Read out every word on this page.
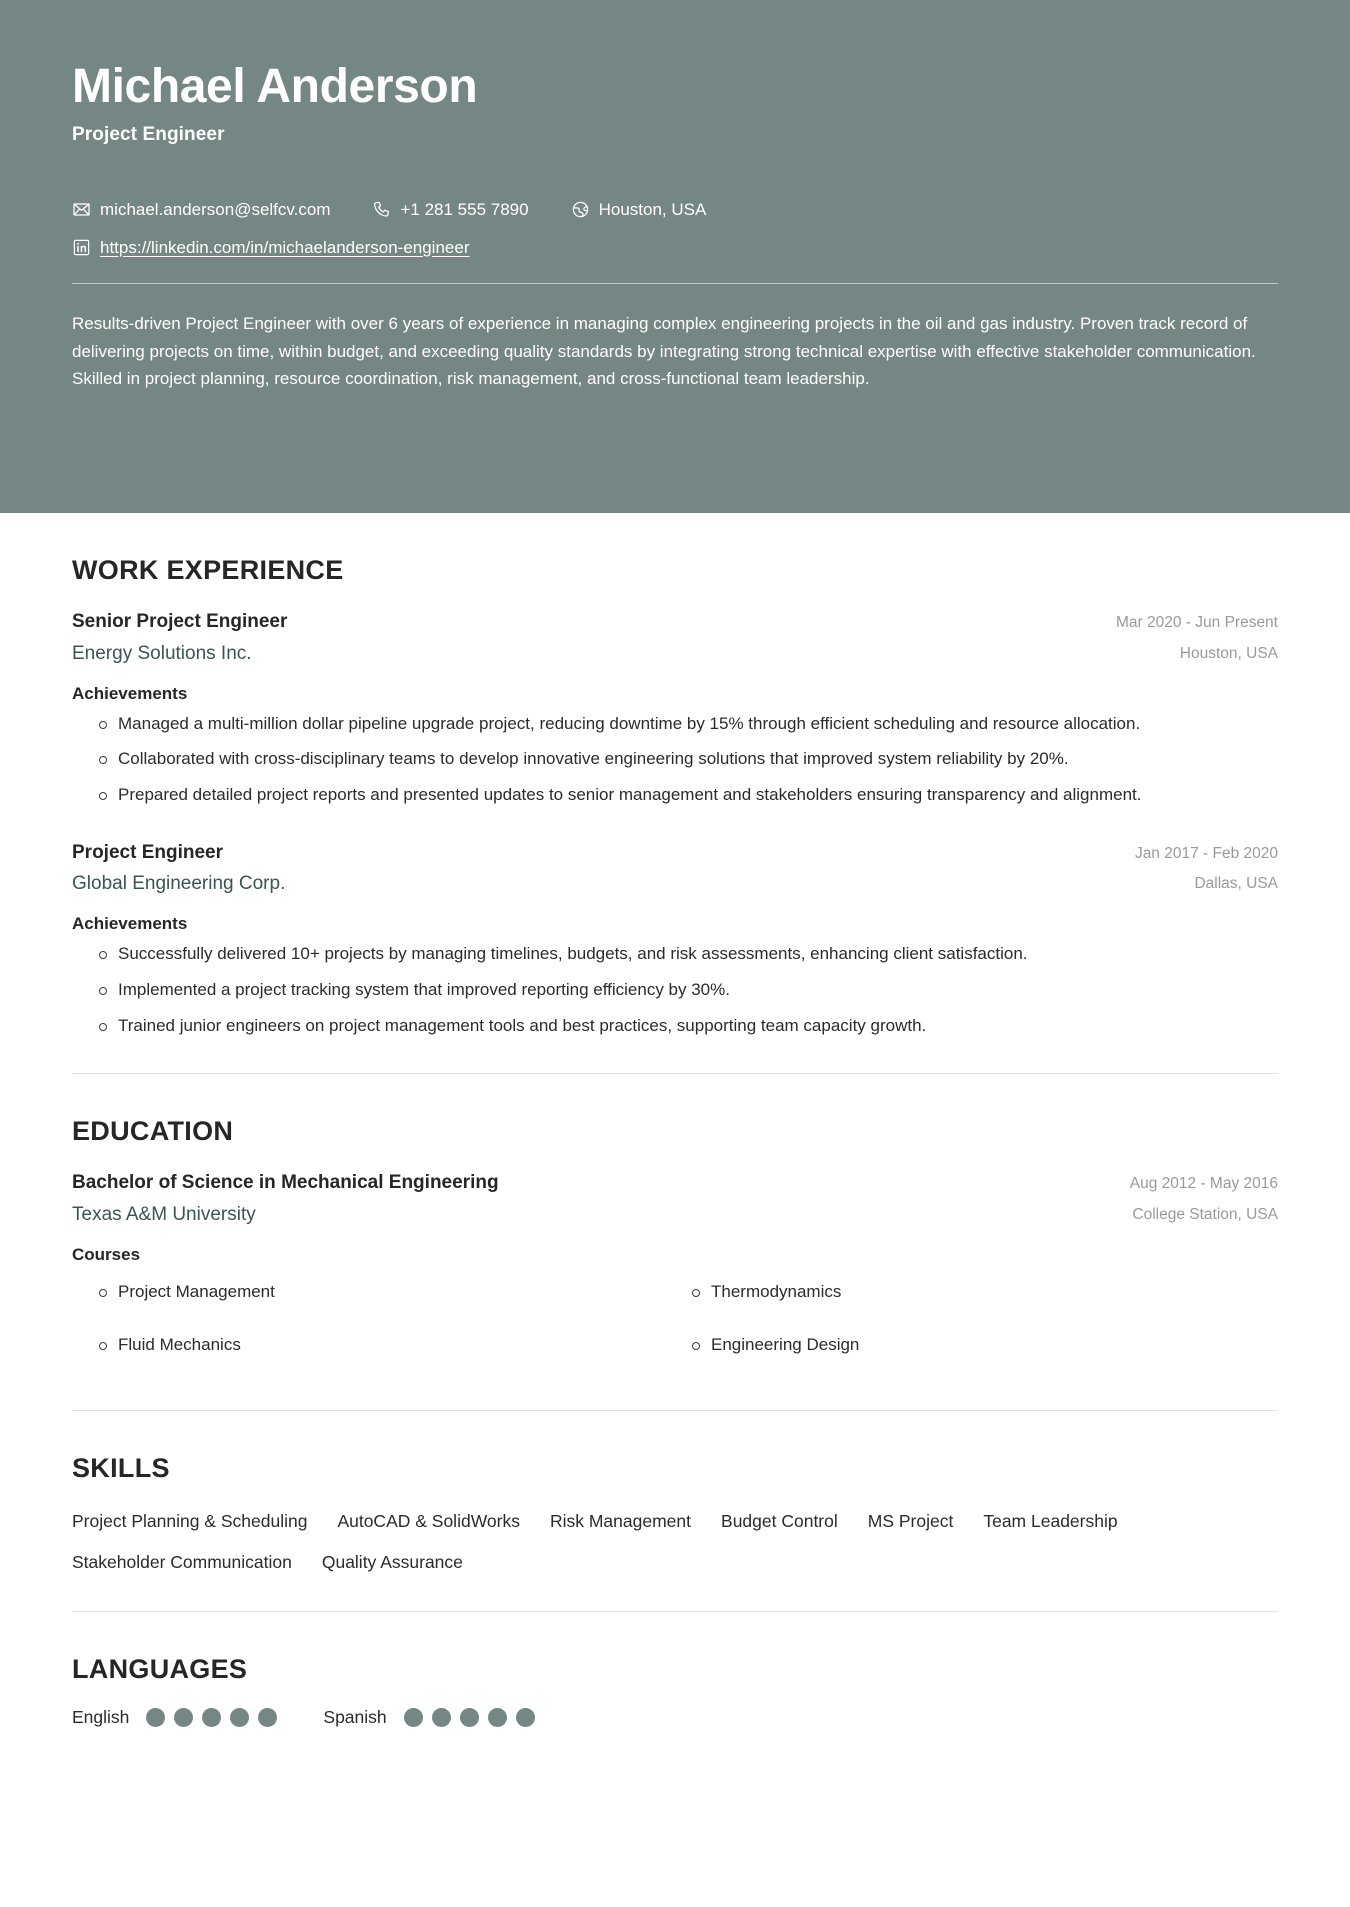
Michael Anderson
Project Engineer
michael.anderson@selfcv.com	+1 281 555 7890	Houston, USA
https://linkedin.com/in/michaelanderson-engineer

Results-driven Project Engineer with over 6 years of experience in managing complex engineering projects in the oil and gas industry. Proven track record of delivering projects on time, within budget, and exceeding quality standards by integrating strong technical expertise with effective stakeholder communication. Skilled in project planning, resource coordination, risk management, and cross-functional team leadership.

WORK EXPERIENCE
Senior Project Engineer
Energy Solutions Inc.
Mar 2020 - Jun Present
Houston, USA
Achievements
Managed a multi-million dollar pipeline upgrade project, reducing downtime by 15% through efficient scheduling and resource allocation.
Collaborated with cross-disciplinary teams to develop innovative engineering solutions that improved system reliability by 20%.
Prepared detailed project reports and presented updates to senior management and stakeholders ensuring transparency and alignment.
Project Engineer
Global Engineering Corp.
Jan 2017 - Feb 2020
Dallas, USA
Achievements
Successfully delivered 10+ projects by managing timelines, budgets, and risk assessments, enhancing client satisfaction.
Implemented a project tracking system that improved reporting efficiency by 30%.
Trained junior engineers on project management tools and best practices, supporting team capacity growth.
EDUCATION
Bachelor of Science in Mechanical Engineering
Texas A&M University
Aug 2012 - May 2016
College Station, USA
Courses
Project Management	Thermodynamics
Fluid Mechanics	Engineering Design
SKILLS
Project Planning & Scheduling AutoCAD & SolidWorks Risk Management Budget Control MS Project Team Leadership
Stakeholder Communication Quality Assurance
LANGUAGES
English	Spanish
